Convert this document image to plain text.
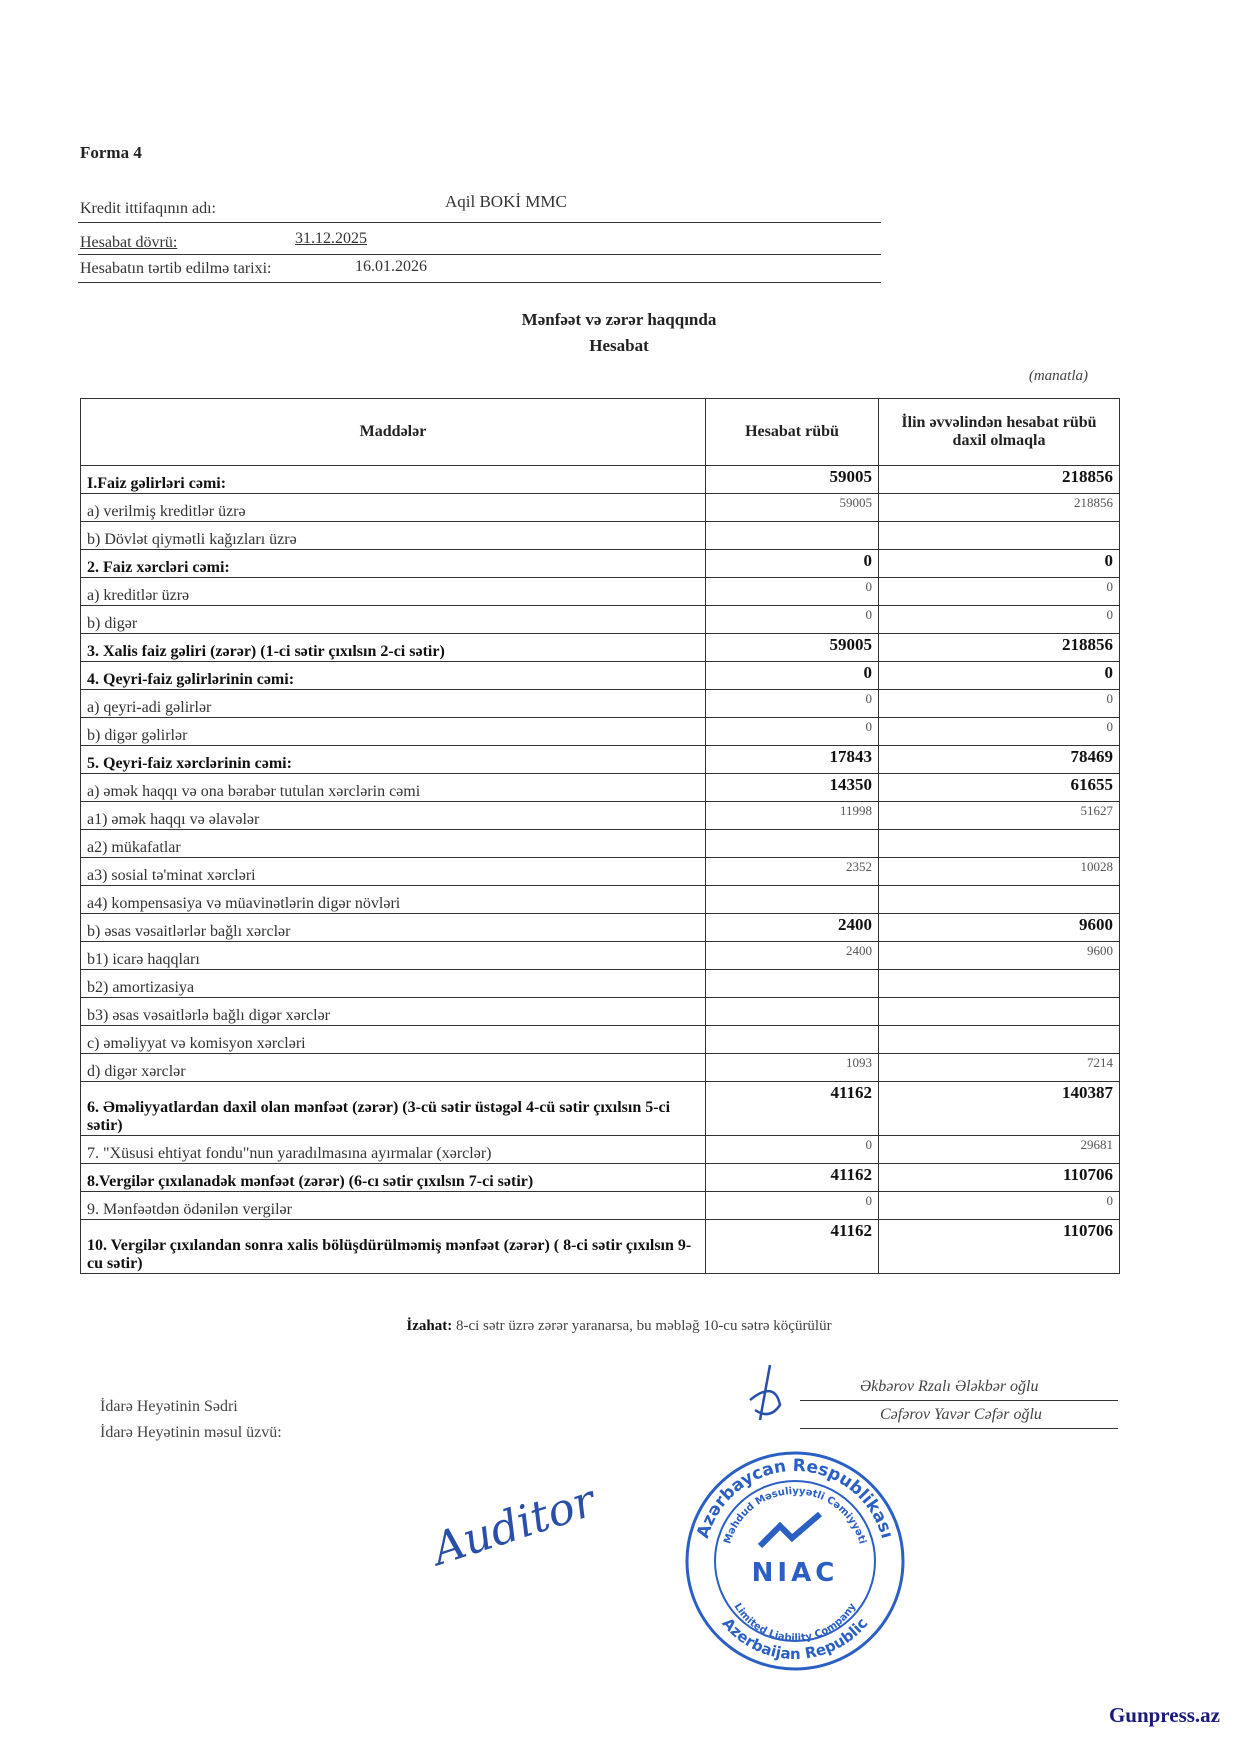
Forma 4
Kredit ittifaqının adı:	Aqil BOKİ MMC
Hesabat dövrü:	31.12.2025
Hesabatın tərtib edilmə tarixi:	16.01.2026
Mənfəət və zərər haqqında
Hesabat
(manatla)
Maddələr	Hesabat rübü	İlin əvvəlindən hesabat rübü daxil olmaqla
I.Faiz gəlirləri cəmi:	59005	218856
a) verilmiş kreditlər üzrə	59005	218856
b) Dövlət qiymətli kağızları üzrə		
2. Faiz xərcləri cəmi:	0	0
a) kreditlər üzrə	0	0
b) digər	0	0
3. Xalis faiz gəliri (zərər) (1-ci sətir çıxılsın 2-ci sətir)	59005	218856
4. Qeyri-faiz gəlirlərinin cəmi:	0	0
a) qeyri-adi gəlirlər	0	0
b) digər gəlirlər	0	0
5. Qeyri-faiz xərclərinin cəmi:	17843	78469
a) əmək haqqı və ona bərabər tutulan xərclərin cəmi	14350	61655
a1) əmək haqqı və əlavələr	11998	51627
a2) mükafatlar		
a3) sosial tə'minat xərcləri	2352	10028
a4) kompensasiya və müavinətlərin digər növləri		
b) əsas vəsaitlərlər bağlı xərclər	2400	9600
b1) icarə haqqları	2400	9600
b2) amortizasiya		
b3) əsas vəsaitlərlə bağlı digər xərclər		
c) əməliyyat və komisyon xərcləri		
d) digər xərclər	1093	7214
6. Əməliyyatlardan daxil olan mənfəət (zərər) (3-cü sətir üstəgəl 4-cü sətir çıxılsın 5-ci sətir)	41162	140387
7. "Xüsusi ehtiyat fondu"nun yaradılmasına ayırmalar (xərclər)	0	29681
8.Vergilər çıxılanadək mənfəət (zərər) (6-cı sətir çıxılsın 7-ci sətir)	41162	110706
9. Mənfəətdən ödənilən vergilər	0	0
10. Vergilər çıxılandan sonra xalis bölüşdürülməmiş mənfəət (zərər) ( 8-ci sətir çıxılsın 9-cu sətir)	41162	110706
İzahat: 8-ci sətr üzrə zərər yaranarsa, bu məbləğ 10-cu sətrə köçürülür
İdarə Heyətinin Sədri
İdarə Heyətinin məsul üzvü:
Əkbərov Rzalı Ələkbər oğlu
Cəfərov Yavər Cəfər oğlu
Auditor	Azərbaycan Respublikası
Azerbaijan Republic
Məhdud Məsuliyyətli Cəmiyyəti
Limited Liability Company
NIAC
Gunpress.az
